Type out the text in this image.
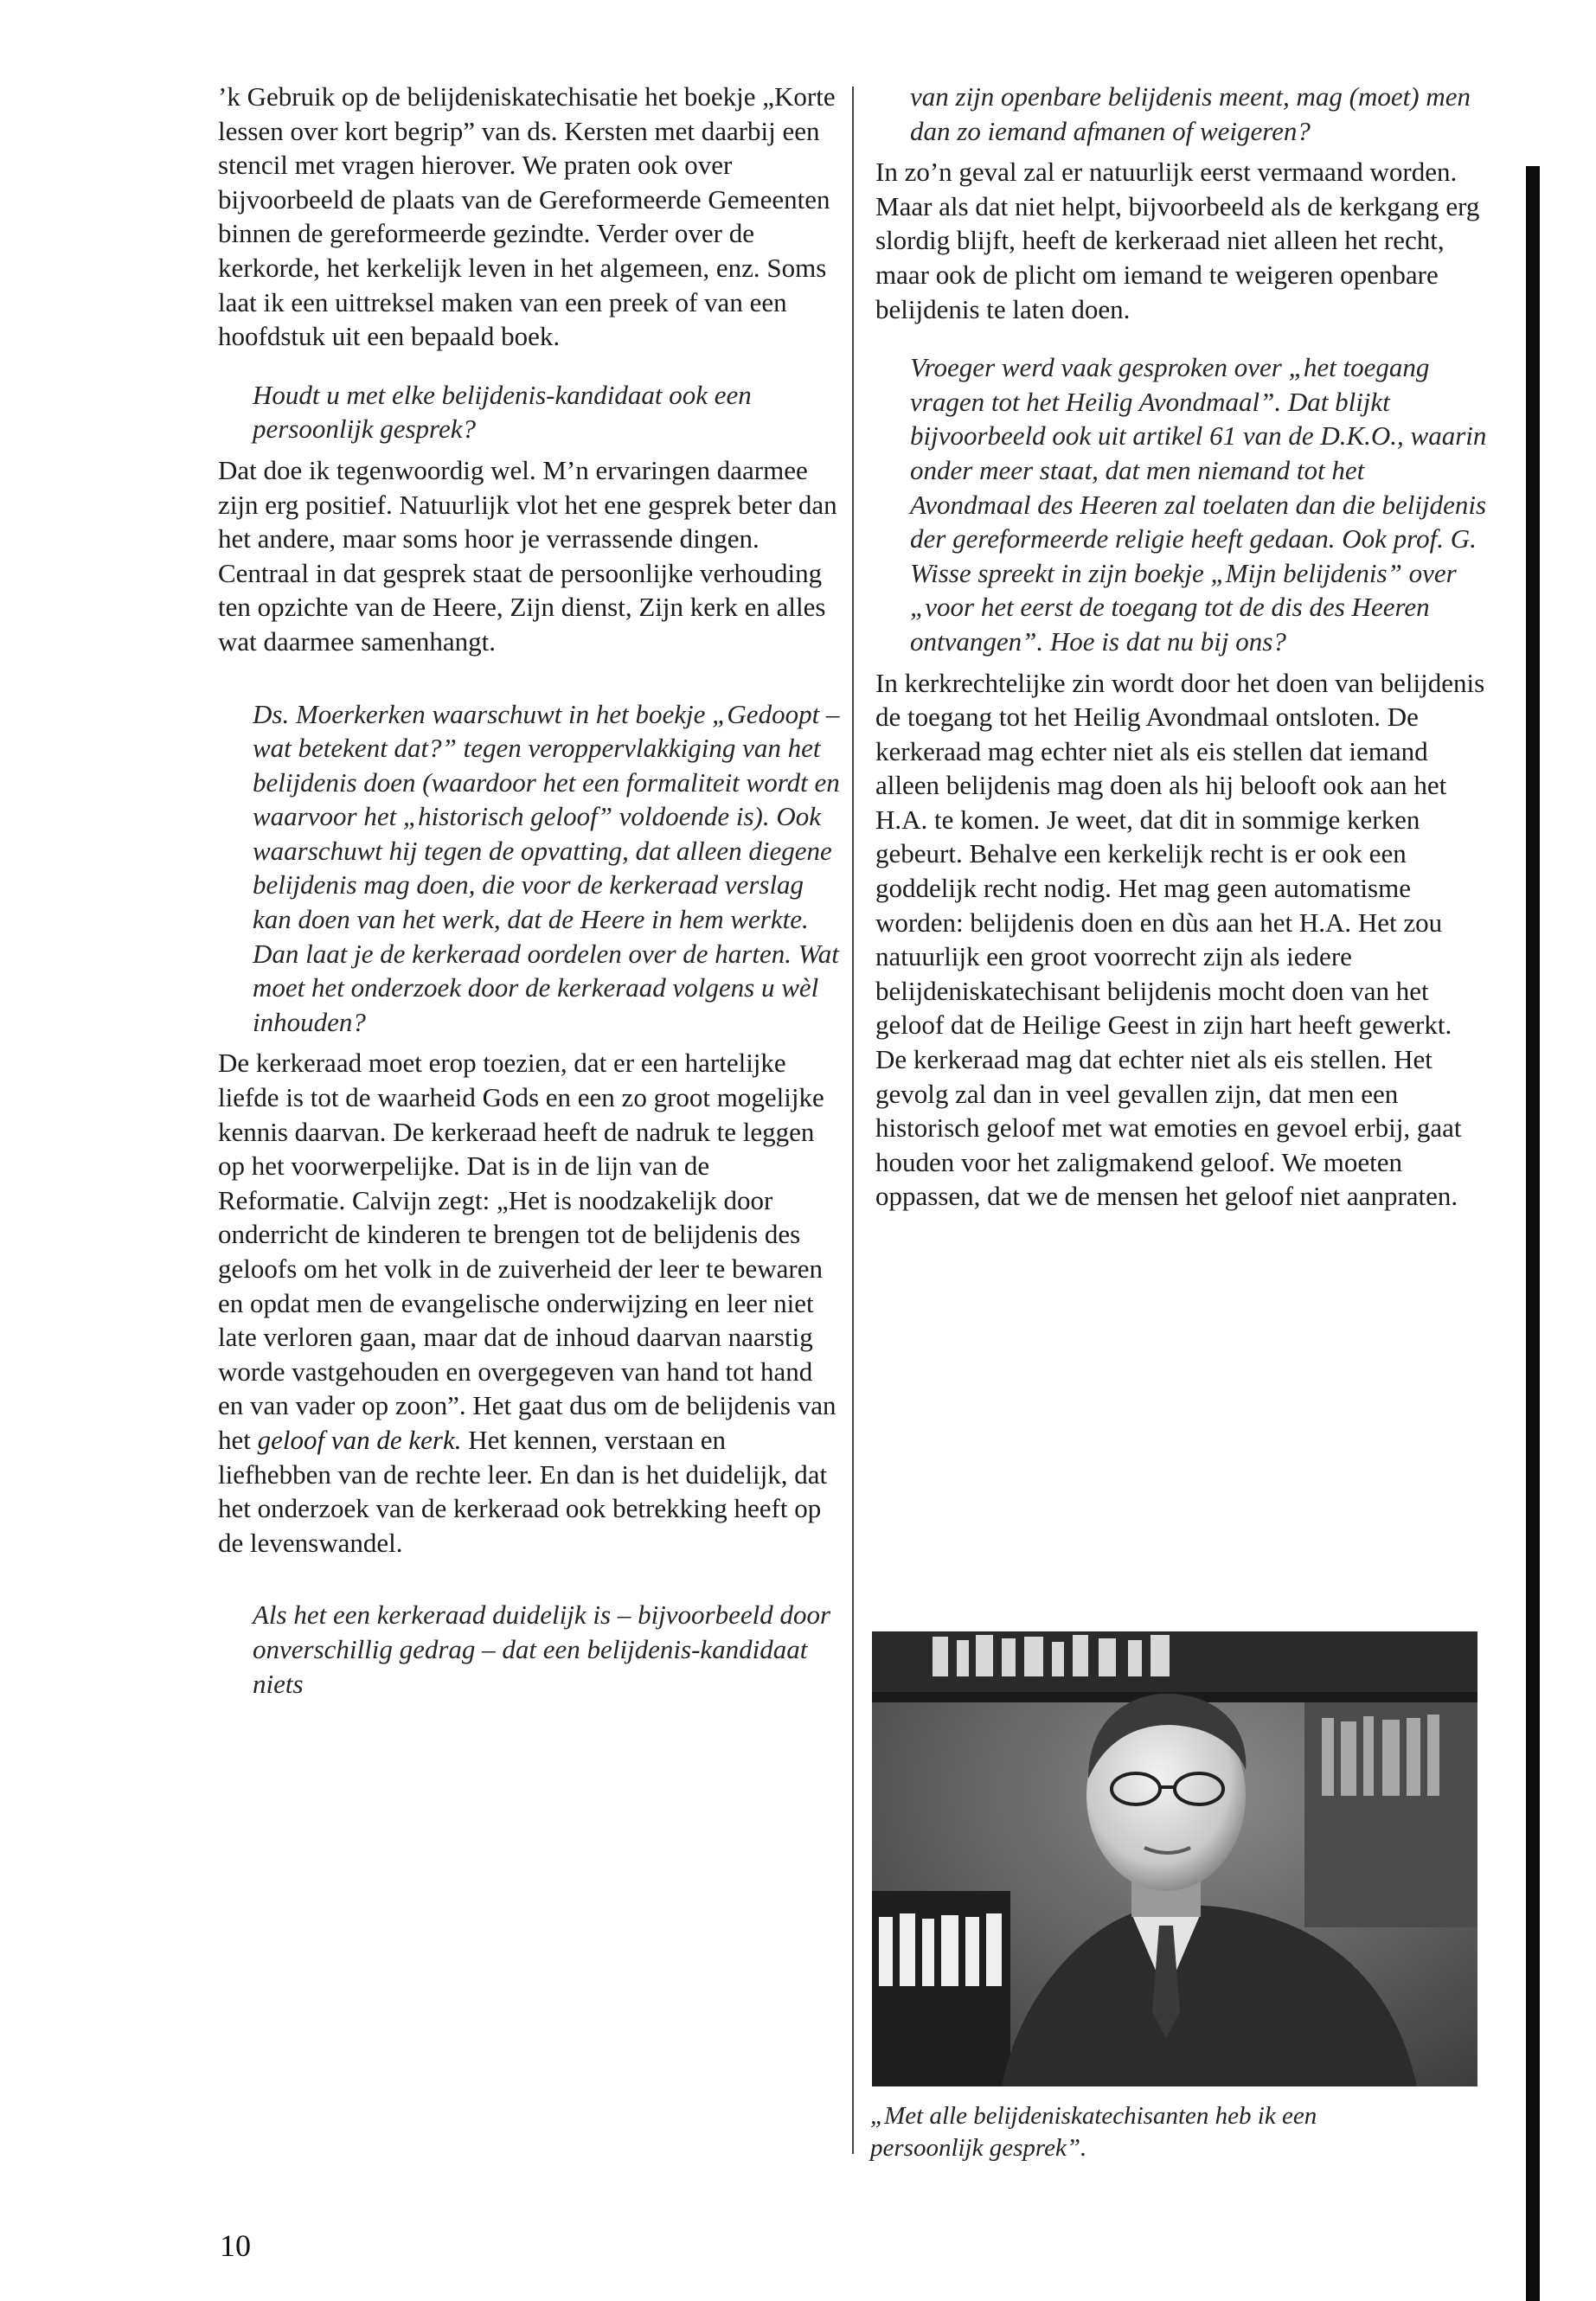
’k Gebruik op de belijdeniskatechisatie het boekje „Korte lessen over kort begrip” van ds. Kersten met daarbij een stencil met vragen hierover. We praten ook over bijvoorbeeld de plaats van de Gereformeerde Gemeenten binnen de gereformeerde gezindte. Verder over de kerkorde, het kerkelijk leven in het algemeen, enz. Soms laat ik een uittreksel maken van een preek of van een hoofdstuk uit een bepaald boek.

Houdt u met elke belijdenis-kandidaat ook een persoonlijk gesprek?

Dat doe ik tegenwoordig wel. M’n ervaringen daarmee zijn erg positief. Natuurlijk vlot het ene gesprek beter dan het andere, maar soms hoor je verrassende dingen. Centraal in dat gesprek staat de persoonlijke verhouding ten opzichte van de Heere, Zijn dienst, Zijn kerk en alles wat daarmee samenhangt.

Ds. Moerkerken waarschuwt in het boekje „Gedoopt – wat betekent dat?” tegen veroppervlakkiging van het belijdenis doen (waardoor het een formaliteit wordt en waarvoor het „historisch geloof” voldoende is). Ook waarschuwt hij tegen de opvatting, dat alleen diegene belijdenis mag doen, die voor de kerkeraad verslag kan doen van het werk, dat de Heere in hem werkte. Dan laat je de kerkeraad oordelen over de harten. Wat moet het onderzoek door de kerkeraad volgens u wèl inhouden?

De kerkeraad moet erop toezien, dat er een hartelijke liefde is tot de waarheid Gods en een zo groot mogelijke kennis daarvan. De kerkeraad heeft de nadruk te leggen op het voorwerpelijke. Dat is in de lijn van de Reformatie. Calvijn zegt: „Het is noodzakelijk door onderricht de kinderen te brengen tot de belijdenis des geloofs om het volk in de zuiverheid der leer te bewaren en opdat men de evangelische onderwijzing en leer niet late verloren gaan, maar dat de inhoud daarvan naarstig worde vastgehouden en overgegeven van hand tot hand en van vader op zoon”. Het gaat dus om de belijdenis van het geloof van de kerk. Het kennen, verstaan en liefhebben van de rechte leer. En dan is het duidelijk, dat het onderzoek van de kerkeraad ook betrekking heeft op de levenswandel.

Als het een kerkeraad duidelijk is – bijvoorbeeld door onverschillig gedrag – dat een belijdenis-kandidaat niets

van zijn openbare belijdenis meent, mag (moet) men dan zo iemand afmanen of weigeren?

In zo’n geval zal er natuurlijk eerst vermaand worden. Maar als dat niet helpt, bijvoorbeeld als de kerkgang erg slordig blijft, heeft de kerkeraad niet alleen het recht, maar ook de plicht om iemand te weigeren openbare belijdenis te laten doen.

Vroeger werd vaak gesproken over „het toegang vragen tot het Heilig Avondmaal”. Dat blijkt bijvoorbeeld ook uit artikel 61 van de D.K.O., waarin onder meer staat, dat men niemand tot het Avondmaal des Heeren zal toelaten dan die belijdenis der gereformeerde religie heeft gedaan. Ook prof. G. Wisse spreekt in zijn boekje „Mijn belijdenis” over „voor het eerst de toegang tot de dis des Heeren ontvangen”. Hoe is dat nu bij ons?

In kerkrechtelijke zin wordt door het doen van belijdenis de toegang tot het Heilig Avondmaal ontsloten. De kerkeraad mag echter niet als eis stellen dat iemand alleen belijdenis mag doen als hij belooft ook aan het H.A. te komen. Je weet, dat dit in sommige kerken gebeurt. Behalve een kerkelijk recht is er ook een goddelijk recht nodig. Het mag geen automatisme worden: belijdenis doen en dùs aan het H.A. Het zou natuurlijk een groot voorrecht zijn als iedere belijdeniskatechisant belijdenis mocht doen van het geloof dat de Heilige Geest in zijn hart heeft gewerkt. De kerkeraad mag dat echter niet als eis stellen. Het gevolg zal dan in veel gevallen zijn, dat men een historisch geloof met wat emoties en gevoel erbij, gaat houden voor het zaligmakend geloof. We moeten oppassen, dat we de mensen het geloof niet aanpraten.

„Met alle belijdeniskatechisanten heb ik een persoonlijk gesprek”.

10
